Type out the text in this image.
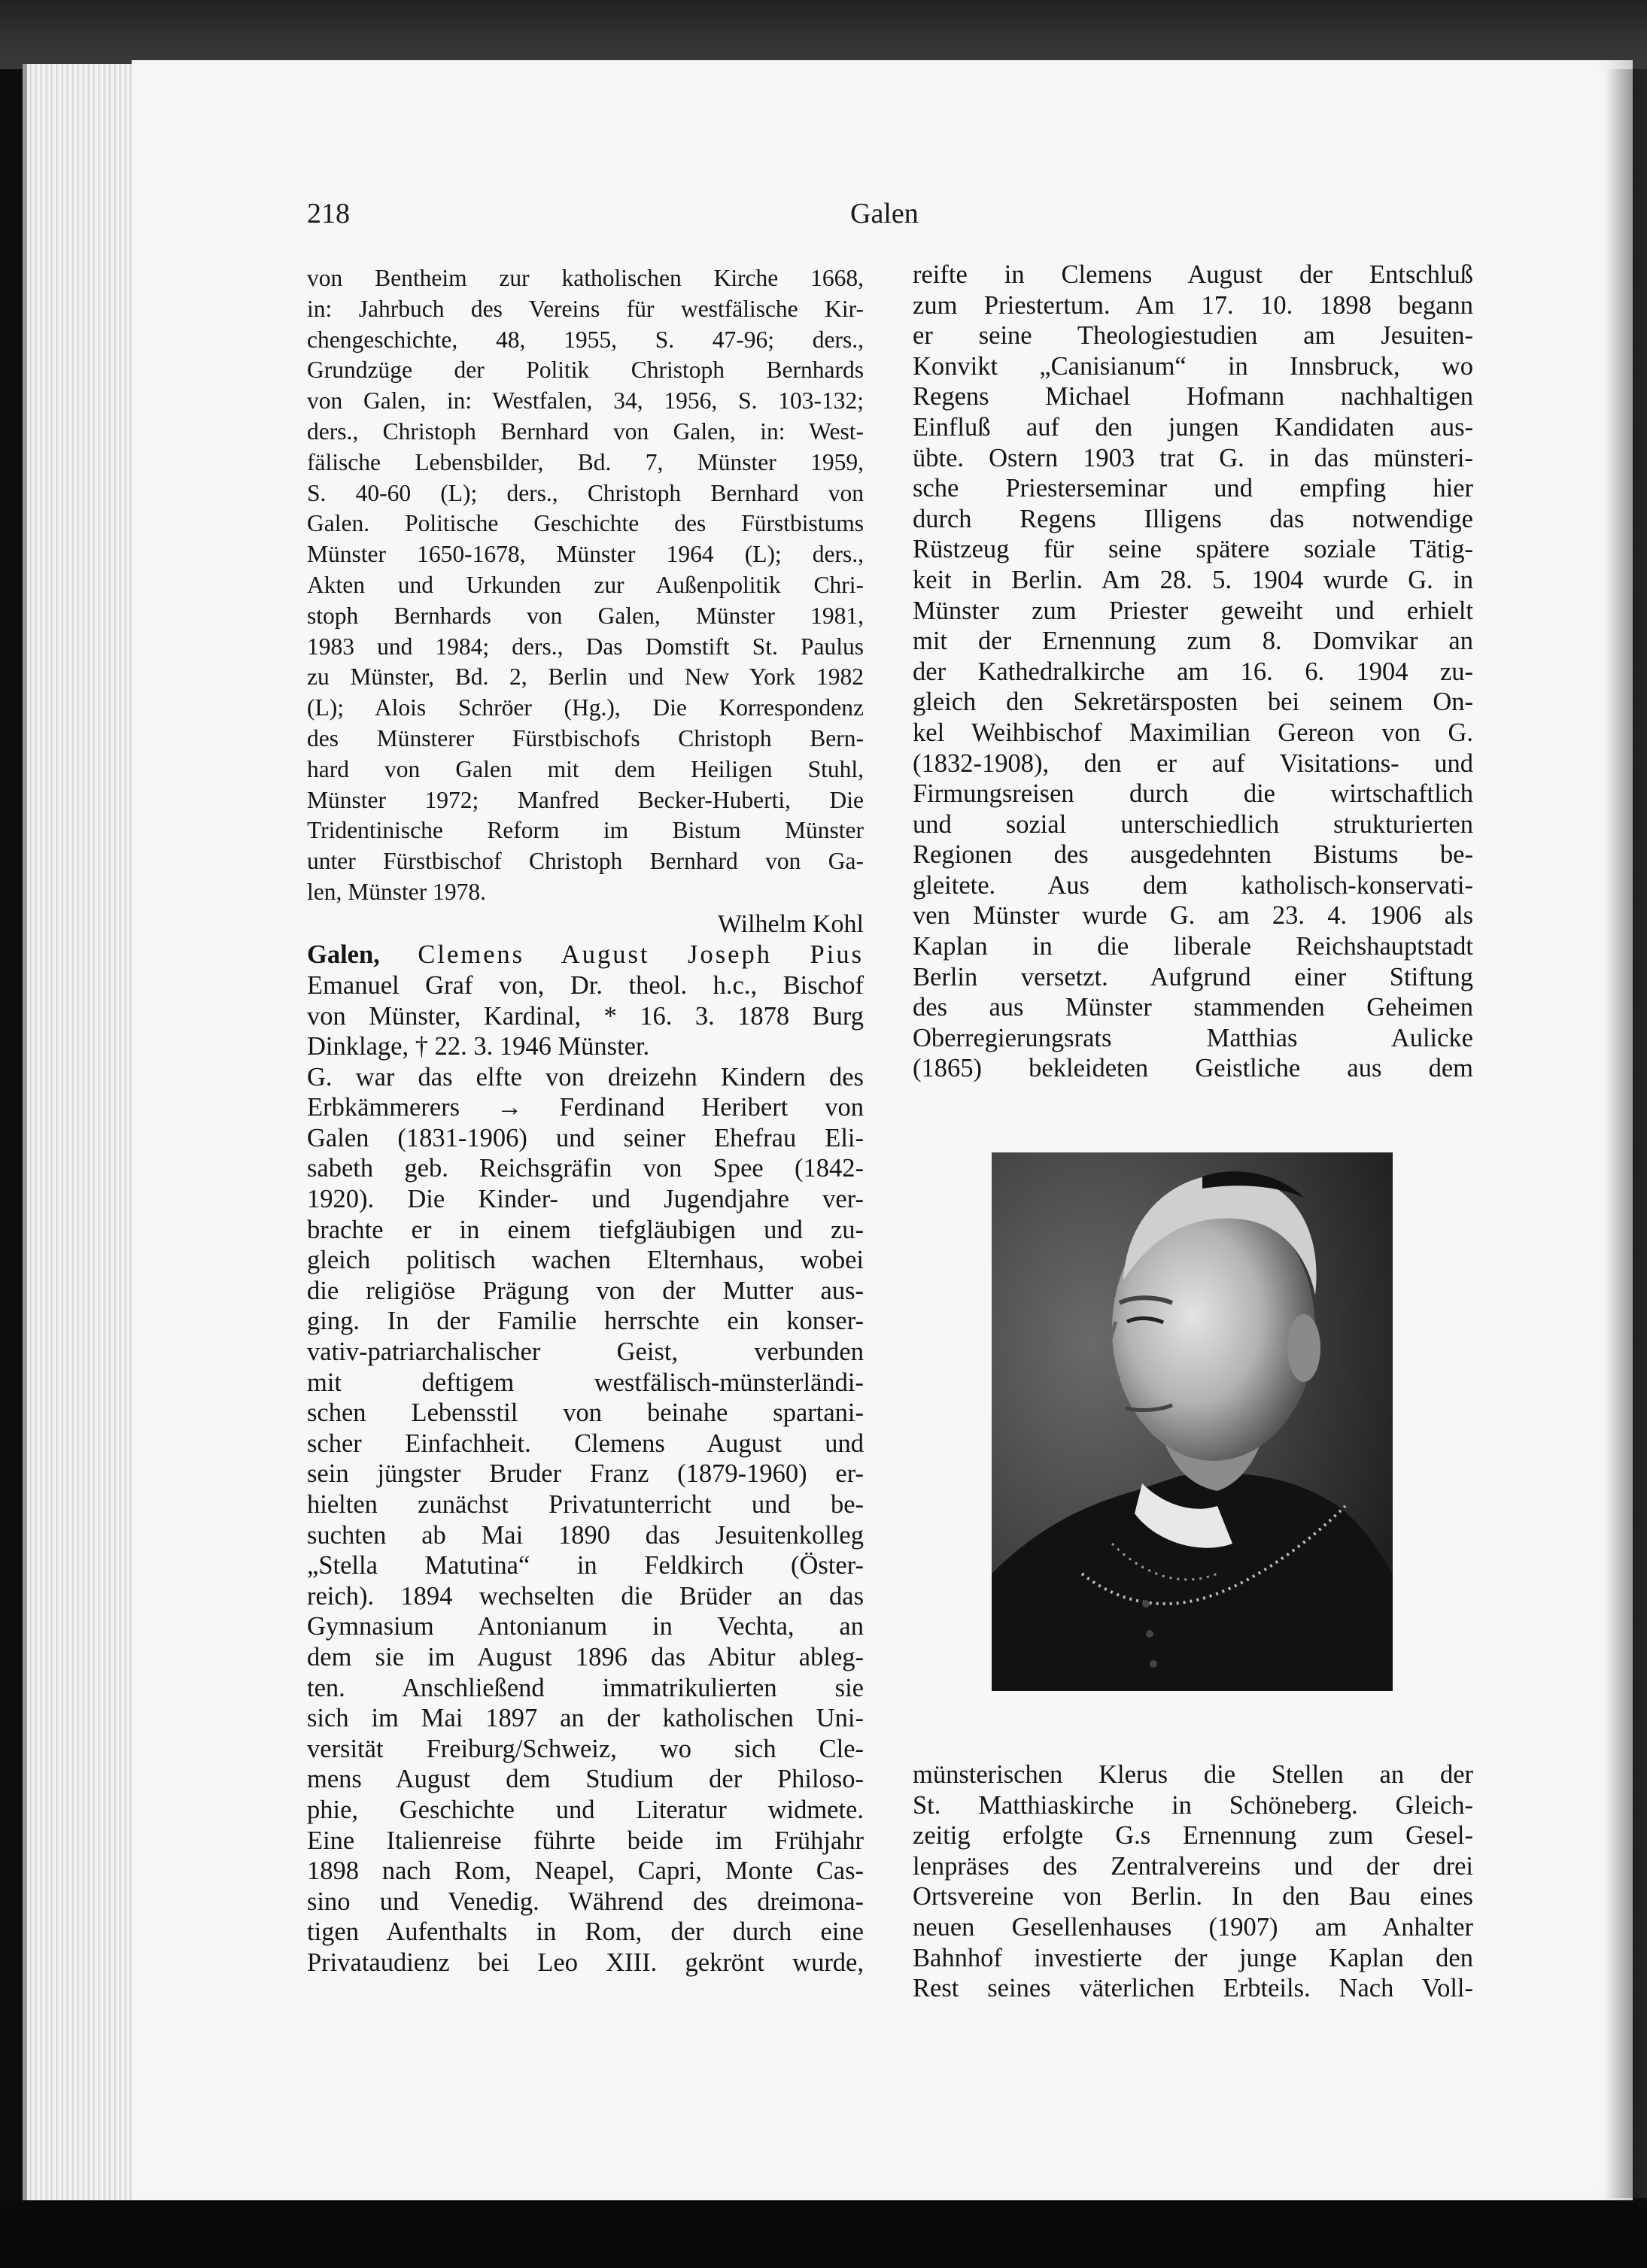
218	Galen

von Bentheim zur katholischen Kirche 1668,
in: Jahrbuch des Vereins für westfälische Kir-
chengeschichte, 48, 1955, S. 47-96; ders.,
Grundzüge der Politik Christoph Bernhards
von Galen, in: Westfalen, 34, 1956, S. 103-132;
ders., Christoph Bernhard von Galen, in: West-
fälische Lebensbilder, Bd. 7, Münster 1959,
S. 40-60 (L); ders., Christoph Bernhard von
Galen. Politische Geschichte des Fürstbistums
Münster 1650-1678, Münster 1964 (L); ders.,
Akten und Urkunden zur Außenpolitik Chri-
stoph Bernhards von Galen, Münster 1981,
1983 und 1984; ders., Das Domstift St. Paulus
zu Münster, Bd. 2, Berlin und New York 1982
(L); Alois Schröer (Hg.), Die Korrespondenz
des Münsterer Fürstbischofs Christoph Bern-
hard von Galen mit dem Heiligen Stuhl,
Münster 1972; Manfred Becker-Huberti, Die
Tridentinische Reform im Bistum Münster
unter Fürstbischof Christoph Bernhard von Ga-
len, Münster 1978.

Wilhelm Kohl

Galen, Clemens August Joseph Pius
Emanuel Graf von, Dr. theol. h.c., Bischof
von Münster, Kardinal, * 16. 3. 1878 Burg
Dinklage, † 22. 3. 1946 Münster.

G. war das elfte von dreizehn Kindern des
Erbkämmerers → Ferdinand Heribert von
Galen (1831-1906) und seiner Ehefrau Eli-
sabeth geb. Reichsgräfin von Spee (1842-
1920). Die Kinder- und Jugendjahre ver-
brachte er in einem tiefgläubigen und zu-
gleich politisch wachen Elternhaus, wobei
die religiöse Prägung von der Mutter aus-
ging. In der Familie herrschte ein konser-
vativ-patriarchalischer Geist, verbunden
mit deftigem westfälisch-münsterländi-
schen Lebensstil von beinahe spartani-
scher Einfachheit. Clemens August und
sein jüngster Bruder Franz (1879-1960) er-
hielten zunächst Privatunterricht und be-
suchten ab Mai 1890 das Jesuitenkolleg
„Stella Matutina“ in Feldkirch (Öster-
reich). 1894 wechselten die Brüder an das
Gymnasium Antonianum in Vechta, an
dem sie im August 1896 das Abitur ableg-
ten. Anschließend immatrikulierten sie
sich im Mai 1897 an der katholischen Uni-
versität Freiburg/Schweiz, wo sich Cle-
mens August dem Studium der Philoso-
phie, Geschichte und Literatur widmete.
Eine Italienreise führte beide im Frühjahr
1898 nach Rom, Neapel, Capri, Monte Cas-
sino und Venedig. Während des dreimona-
tigen Aufenthalts in Rom, der durch eine
Privataudienz bei Leo XIII. gekrönt wurde,

reifte in Clemens August der Entschluß
zum Priestertum. Am 17. 10. 1898 begann
er seine Theologiestudien am Jesuiten-
Konvikt „Canisianum“ in Innsbruck, wo
Regens Michael Hofmann nachhaltigen
Einfluß auf den jungen Kandidaten aus-
übte. Ostern 1903 trat G. in das münsteri-
sche Priesterseminar und empfing hier
durch Regens Illigens das notwendige
Rüstzeug für seine spätere soziale Tätig-
keit in Berlin. Am 28. 5. 1904 wurde G. in
Münster zum Priester geweiht und erhielt
mit der Ernennung zum 8. Domvikar an
der Kathedralkirche am 16. 6. 1904 zu-
gleich den Sekretärsposten bei seinem On-
kel Weihbischof Maximilian Gereon von G.
(1832-1908), den er auf Visitations- und
Firmungsreisen durch die wirtschaftlich
und sozial unterschiedlich strukturierten
Regionen des ausgedehnten Bistums be-
gleitete. Aus dem katholisch-konservati-
ven Münster wurde G. am 23. 4. 1906 als
Kaplan in die liberale Reichshauptstadt
Berlin versetzt. Aufgrund einer Stiftung
des aus Münster stammenden Geheimen
Oberregierungsrats Matthias Aulicke
(1865) bekleideten Geistliche aus dem

münsterischen Klerus die Stellen an der
St. Matthiaskirche in Schöneberg. Gleich-
zeitig erfolgte G.s Ernennung zum Gesel-
lenpräses des Zentralvereins und der drei
Ortsvereine von Berlin. In den Bau eines
neuen Gesellenhauses (1907) am Anhalter
Bahnhof investierte der junge Kaplan den
Rest seines väterlichen Erbteils. Nach Voll-
